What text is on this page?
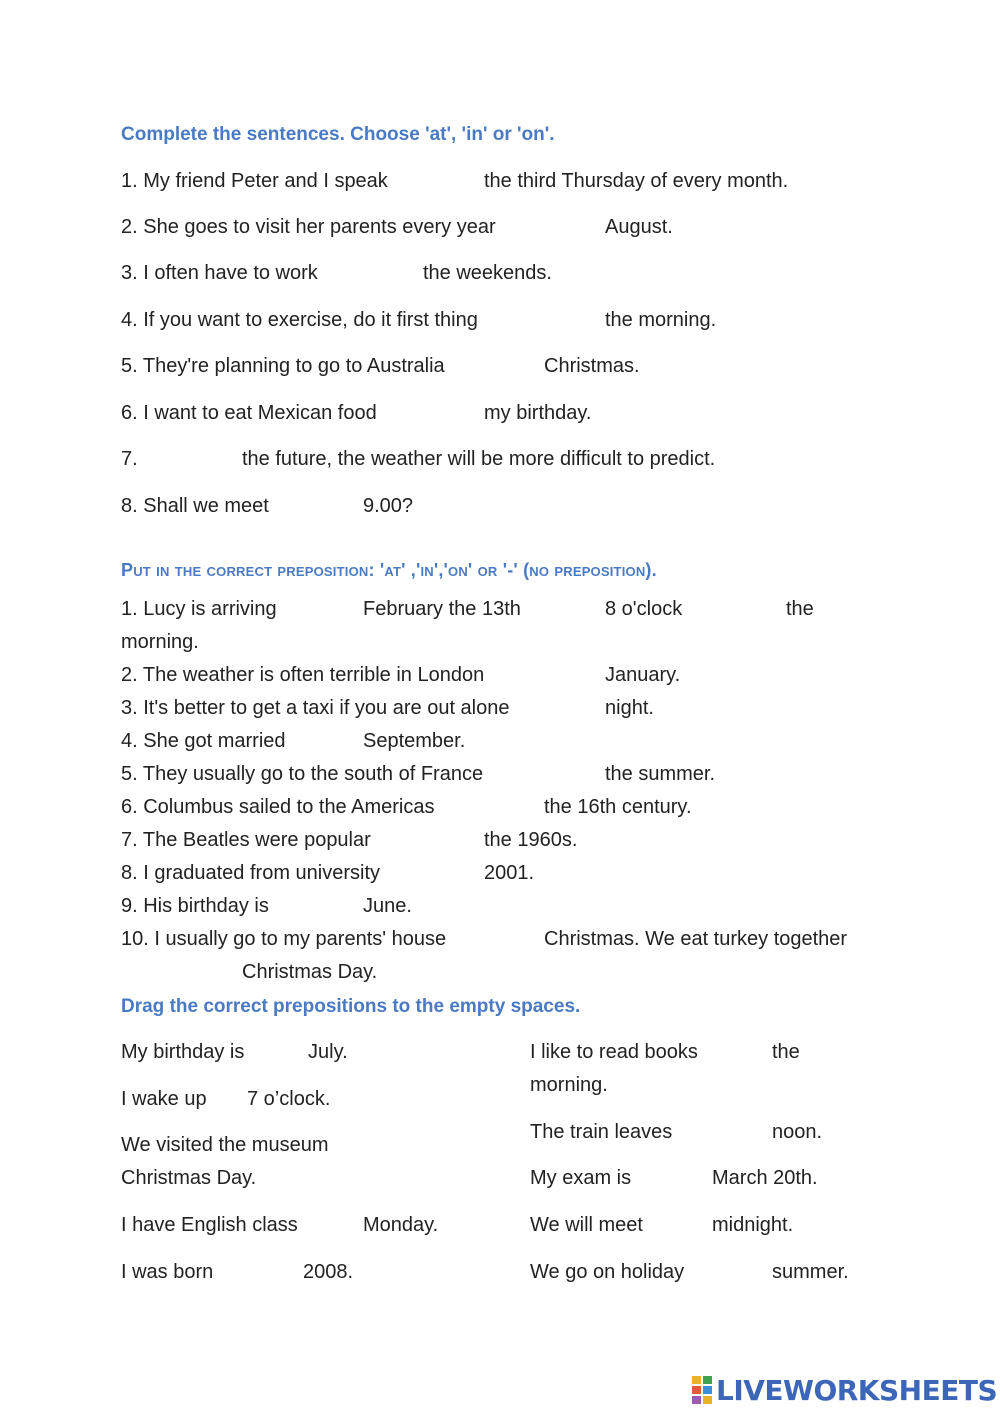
Complete the sentences. Choose 'at', 'in' or 'on'.
1. My friend Peter and I speak	the third Thursday of every month.
2. She goes to visit her parents every year	August.
3. I often have to work	the weekends.
4. If you want to exercise, do it first thing	the morning.
5. They're planning to go to Australia	Christmas.
6. I want to eat Mexican food	my birthday.
7.	the future, the weather will be more difficult to predict.
8. Shall we meet	9.00?
Put in the correct preposition: 'at' ,'in','on' or '-' (no preposition).
1. Lucy is arriving	February the 13th	8 o'clock	the
morning.
2. The weather is often terrible in London	January.
3. It's better to get a taxi if you are out alone	night.
4. She got married	September.
5. They usually go to the south of France	the summer.
6. Columbus sailed to the Americas	the 16th century.
7. The Beatles were popular	the 1960s.
8. I graduated from university	2001.
9. His birthday is	June.
10. I usually go to my parents' house	Christmas. We eat turkey together
Christmas Day.
Drag the correct prepositions to the empty spaces.
My birthday is	July.
I wake up 7 o’clock.
We visited the museum
Christmas Day.
I have English class	Monday.
I was born	2008.
I like to read books	the
morning.
The train leaves	noon.
My exam is	March 20th.
We will meet	midnight.
We go on holiday	summer.
LIVEWORKSHEETS
